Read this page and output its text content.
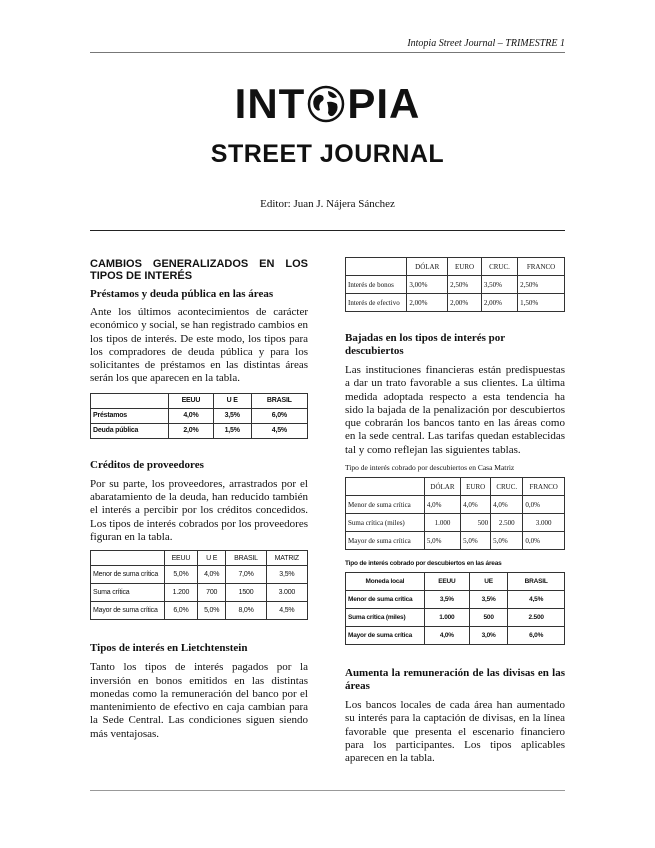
Intopia Street Journal – TRIMESTRE 1
INT PIA
STREET JOURNAL
Editor: Juan J. Nájera Sánchez
CAMBIOS GENERALIZADOS EN LOS TIPOS DE INTERÉS
Préstamos y deuda pública en las áreas

Ante los últimos acontecimientos de carácter económico y social, se han registrado cambios en los tipos de interés. De este modo, los tipos para los compradores de deuda pública y para los solicitantes de préstamos en las distintas áreas serán los que aparecen en la tabla.

	EEUU	U E	BRASIL
Préstamos	4,0%	3,5%	6,0%
Deuda pública	2,0%	1,5%	4,5%
Créditos de proveedores

Por su parte, los proveedores, arrastrados por el abaratamiento de la deuda, han reducido también el interés a percibir por los créditos concedidos. Los tipos de interés cobrados por los proveedores figuran en la tabla.

	EEUU	U E	BRASIL	MATRIZ
Menor de suma crítica	5,0%	4,0%	7,0%	3,5%
Suma crítica	1.200	700	1500	3.000
Mayor de suma crítica	6,0%	5,0%	8,0%	4,5%
Tipos de interés en Lietchtenstein

Tanto los tipos de interés pagados por la inversión en bonos emitidos en las distintas monedas como la remuneración del banco por el mantenimiento de efectivo en caja cambian para la Sede Central. Las condiciones siguen siendo más ventajosas.

	DÓLAR	EURO	CRUC.	FRANCO
Interés de bonos	3,00%	2,50%	3,50%	2,50%
Interés de efectivo	2,00%	2,00%	2,00%	1,50%
Bajadas en los tipos de interés por descubiertos

Las instituciones financieras están predispuestas a dar un trato favorable a sus clientes. La última medida adoptada respecto a esta tendencia ha sido la bajada de la penalización por descubiertos que cobrarán los bancos tanto en las áreas como en la sede central. Las tarifas quedan establecidas tal y como reflejan las siguientes tablas.

Tipo de interés cobrado por descubiertos en Casa Matriz
	DÓLAR	EURO	CRUC.	FRANCO
Menor de suma crítica	4,0%	4,0%	4,0%	0,0%
Suma crítica (miles)	1.000	500	2.500	3.000
Mayor de suma crítica	5,0%	5,0%	5,0%	0,0%
Tipo de interés cobrado por descubiertos en las áreas
Moneda local	EEUU	UE	BRASIL
Menor de suma crítica	3,5%	3,5%	4,5%
Suma crítica (miles)	1.000	500	2.500
Mayor de suma crítica	4,0%	3,0%	6,0%
Aumenta la remuneración de las divisas en las áreas

Los bancos locales de cada área han aumentado su interés para la captación de divisas, en la línea favorable que presenta el escenario financiero para los participantes. Los tipos aplicables aparecen en la tabla.
